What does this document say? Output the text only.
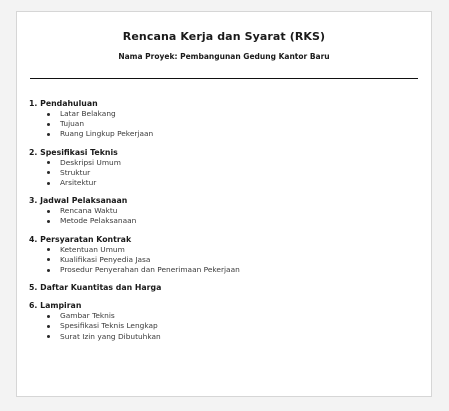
Rencana Kerja dan Syarat (RKS)
Nama Proyek: Pembangunan Gedung Kantor Baru
1. Pendahuluan
Latar Belakang
Tujuan
Ruang Lingkup Pekerjaan
2. Spesifikasi Teknis
Deskripsi Umum
Struktur
Arsitektur
3. Jadwal Pelaksanaan
Rencana Waktu
Metode Pelaksanaan
4. Persyaratan Kontrak
Ketentuan Umum
Kualifikasi Penyedia Jasa
Prosedur Penyerahan dan Penerimaan Pekerjaan
5. Daftar Kuantitas dan Harga
6. Lampiran
Gambar Teknis
Spesifikasi Teknis Lengkap
Surat Izin yang Dibutuhkan
